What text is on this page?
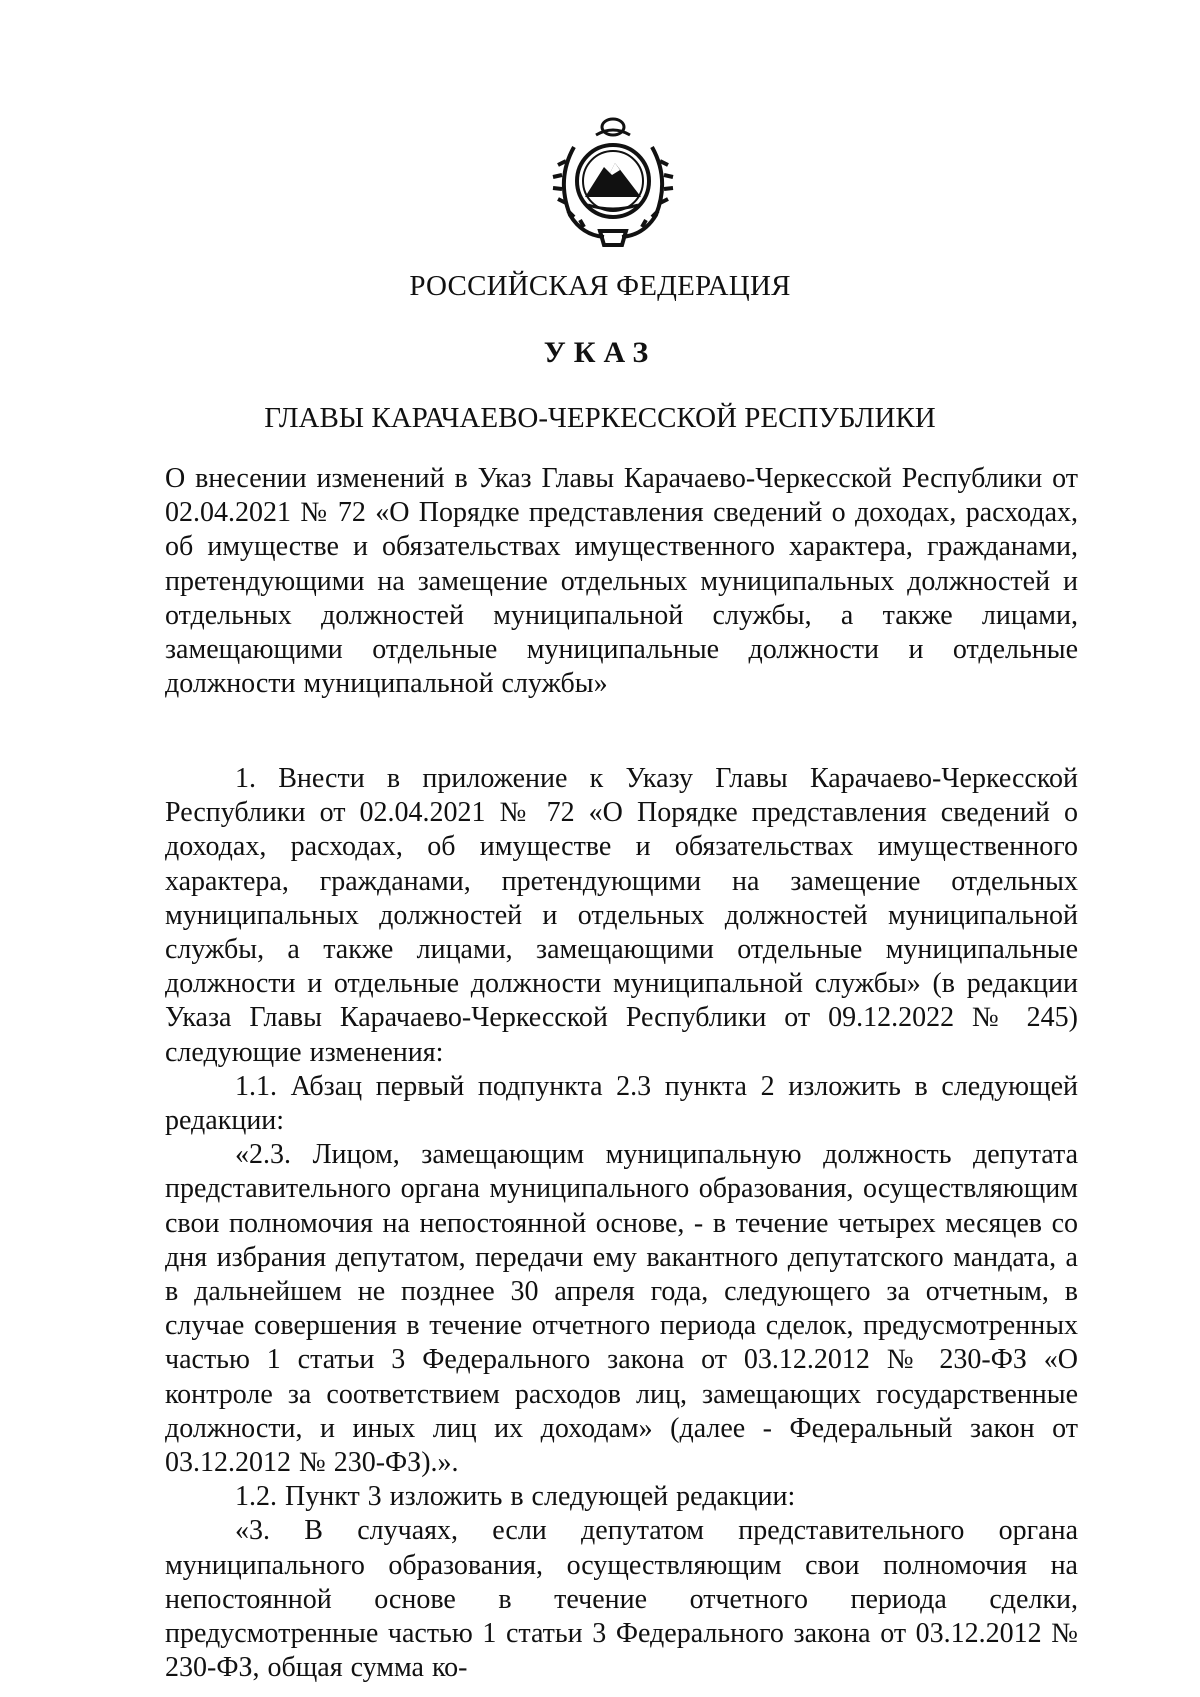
РОССИЙСКАЯ ФЕДЕРАЦИЯ
УКАЗ
ГЛАВЫ КАРАЧАЕВО-ЧЕРКЕССКОЙ РЕСПУБЛИКИ
О внесении изменений в Указ Главы Карачаево-Черкесской Республики от 02.04.2021 № 72 «О Порядке представления сведений о доходах, расходах, об имуществе и обязательствах имущественного характера, гражданами, претендующими на замещение отдельных муниципальных должностей и отдельных должностей муниципальной службы, а также лицами, замещающими отдельные муниципальные должности и отдельные должности муниципальной службы»

1. Внести в приложение к Указу Главы Карачаево-Черкесской Республики от 02.04.2021 № 72 «О Порядке представления сведений о доходах, расходах, об имуществе и обязательствах имущественного характера, гражданами, претендующими на замещение отдельных муниципальных должностей и отдельных должностей муниципальной службы, а также лицами, замещающими отдельные муниципальные должности и отдельные должности муниципальной службы» (в редакции Указа Главы Карачаево-Черкесской Республики от 09.12.2022 № 245) следующие изменения:

1.1. Абзац первый подпункта 2.3 пункта 2 изложить в следующей редакции:

«2.3. Лицом, замещающим муниципальную должность депутата представительного органа муниципального образования, осуществляющим свои полномочия на непостоянной основе, - в течение четырех месяцев со дня избрания депутатом, передачи ему вакантного депутатского мандата, а в дальнейшем не позднее 30 апреля года, следующего за отчетным, в случае совершения в течение отчетного периода сделок, предусмотренных частью 1 статьи 3 Федерального закона от 03.12.2012 № 230-ФЗ «О контроле за соответствием расходов лиц, замещающих государственные должности, и иных лиц их доходам» (далее - Федеральный закон от 03.12.2012 № 230-ФЗ).».

1.2. Пункт 3 изложить в следующей редакции:

«3. В случаях, если депутатом представительного органа муниципального образования, осуществляющим свои полномочия на непостоянной основе в течение отчетного периода сделки, предусмотренные частью 1 статьи 3 Федерального закона от 03.12.2012 № 230-ФЗ, общая сумма ко-
